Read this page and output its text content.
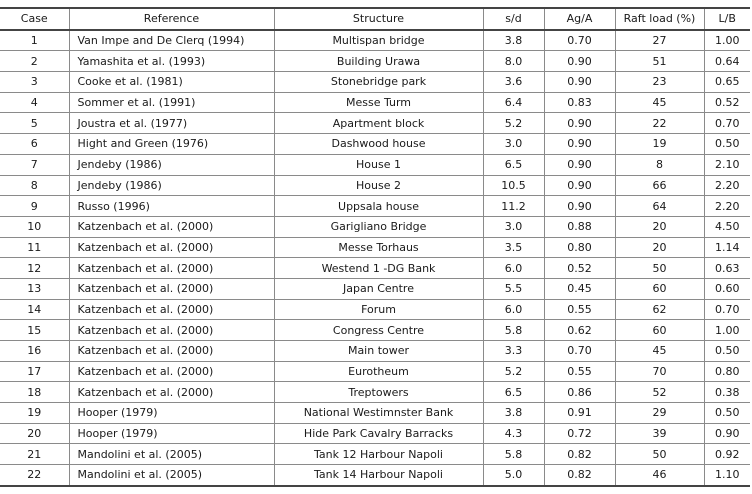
Case	Reference	Structure	s/d	Ag/A	Raft load (%)	L/B
1	Van Impe and De Clerq (1994)	Multispan bridge	3.8	0.70	27	1.00
2	Yamashita et al. (1993)	Building Urawa	8.0	0.90	51	0.64
3	Cooke et al. (1981)	Stonebridge park	3.6	0.90	23	0.65
4	Sommer et al. (1991)	Messe Turm	6.4	0.83	45	0.52
5	Joustra et al. (1977)	Apartment block	5.2	0.90	22	0.70
6	Hight and Green (1976)	Dashwood house	3.0	0.90	19	0.50
7	Jendeby (1986)	House 1	6.5	0.90	8	2.10
8	Jendeby (1986)	House 2	10.5	0.90	66	2.20
9	Russo (1996)	Uppsala house	11.2	0.90	64	2.20
10	Katzenbach et al. (2000)	Garigliano Bridge	3.0	0.88	20	4.50
11	Katzenbach et al. (2000)	Messe Torhaus	3.5	0.80	20	1.14
12	Katzenbach et al. (2000)	Westend 1 -DG Bank	6.0	0.52	50	0.63
13	Katzenbach et al. (2000)	Japan Centre	5.5	0.45	60	0.60
14	Katzenbach et al. (2000)	Forum	6.0	0.55	62	0.70
15	Katzenbach et al. (2000)	Congress Centre	5.8	0.62	60	1.00
16	Katzenbach et al. (2000)	Main tower	3.3	0.70	45	0.50
17	Katzenbach et al. (2000)	Eurotheum	5.2	0.55	70	0.80
18	Katzenbach et al. (2000)	Treptowers	6.5	0.86	52	0.38
19	Hooper (1979)	National Westimnster Bank	3.8	0.91	29	0.50
20	Hooper (1979)	Hide Park Cavalry Barracks	4.3	0.72	39	0.90
21	Mandolini et al. (2005)	Tank 12 Harbour Napoli	5.8	0.82	50	0.92
22	Mandolini et al. (2005)	Tank 14 Harbour Napoli	5.0	0.82	46	1.10
